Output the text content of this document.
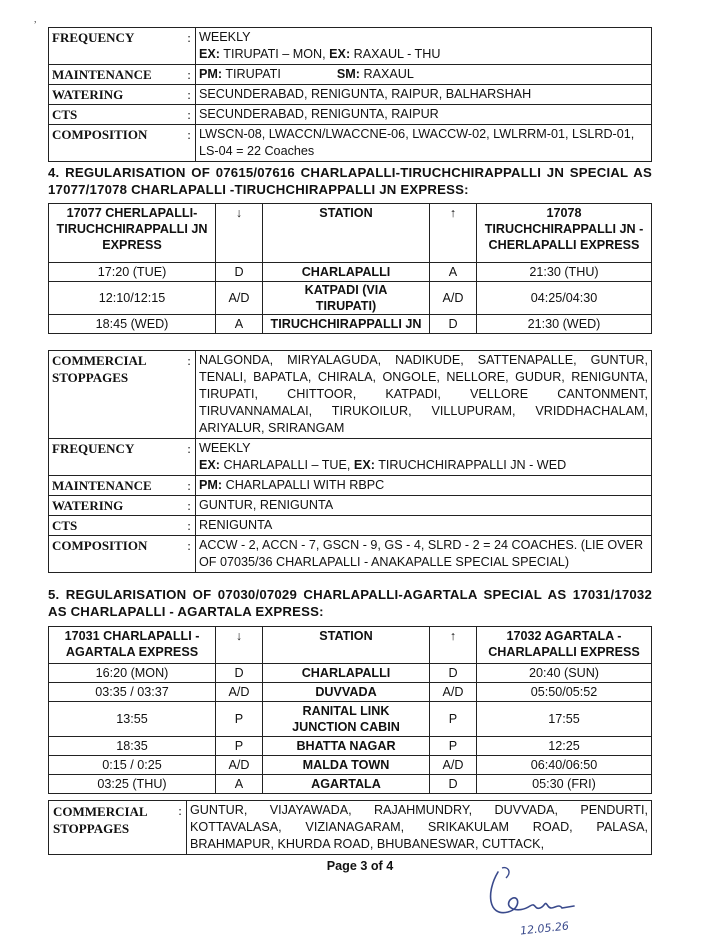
,
FREQUENCY	:	WEEKLY
EX: TIRUPATI – MON, EX: RAXAUL - THU

MAINTENANCE	:	PM: TIRUPATI SM: RAXAUL
WATERING	:	SECUNDERABAD, RENIGUNTA, RAIPUR, BALHARSHAH
CTS	:	SECUNDERABAD, RENIGUNTA, RAIPUR
COMPOSITION	:	LWSCN-08, LWACCN/LWACCNE-06, LWACCW-02, LWLRRM-01, LSLRD-01, LS-04 = 22 Coaches
4. REGULARISATION OF 07615/07616 CHARLAPALLI-TIRUCHCHIRAPPALLI JN SPECIAL AS 17077/17078 CHARLAPALLI -TIRUCHCHIRAPPALLI JN EXPRESS:
17077 CHERLAPALLI-TIRUCHCHIRAPPALLI JN EXPRESS	↓	STATION	↑	17078 TIRUCHCHIRAPPALLI JN - CHERLAPALLI EXPRESS
17:20 (TUE)	D	CHARLAPALLI	A	21:30 (THU)
12:10/12:15	A/D	KATPADI (VIA TIRUPATI)	A/D	04:25/04:30
18:45 (WED)	A	TIRUCHCHIRAPPALLI JN	D	21:30 (WED)
COMMERCIAL STOPPAGES	:	NALGONDA, MIRYALAGUDA, NADIKUDE, SATTENAPALLE, GUNTUR, TENALI, BAPATLA, CHIRALA, ONGOLE, NELLORE, GUDUR, RENIGUNTA, TIRUPATI, CHITTOOR, KATPADI, VELLORE CANTONMENT, TIRUVANNAMALAI, TIRUKOILUR, VILLUPURAM, VRIDDHACHALAM, ARIYALUR, SRIRANGAM
FREQUENCY	:	WEEKLY
EX: CHARLAPALLI – TUE, EX: TIRUCHCHIRAPPALLI JN - WED

MAINTENANCE	:	PM: CHARLAPALLI WITH RBPC
WATERING	:	GUNTUR, RENIGUNTA
CTS	:	RENIGUNTA
COMPOSITION	:	ACCW - 2, ACCN - 7, GSCN - 9, GS - 4, SLRD - 2 = 24 COACHES. (LIE OVER OF 07035/36 CHARLAPALLI - ANAKAPALLE SPECIAL SPECIAL)
5. REGULARISATION OF 07030/07029 CHARLAPALLI-AGARTALA SPECIAL AS 17031/17032 AS CHARLAPALLI - AGARTALA EXPRESS:
17031 CHARLAPALLI - AGARTALA EXPRESS	↓	STATION	↑	17032 AGARTALA - CHARLAPALLI EXPRESS
16:20 (MON)	D	CHARLAPALLI	D	20:40 (SUN)
03:35 / 03:37	A/D	DUVVADA	A/D	05:50/05:52
13:55	P	RANITAL LINK JUNCTION CABIN	P	17:55
18:35	P	BHATTA NAGAR	P	12:25
0:15 / 0:25	A/D	MALDA TOWN	A/D	06:40/06:50
03:25 (THU)	A	AGARTALA	D	05:30 (FRI)
COMMERCIAL STOPPAGES	:	GUNTUR, VIJAYAWADA, RAJAHMUNDRY, DUVVADA, PENDURTI, KOTTAVALASA, VIZIANAGARAM, SRIKAKULAM ROAD, PALASA, BRAHMAPUR, KHURDA ROAD, BHUBANESWAR, CUTTACK,
Page 3 of 4
12.05.26
